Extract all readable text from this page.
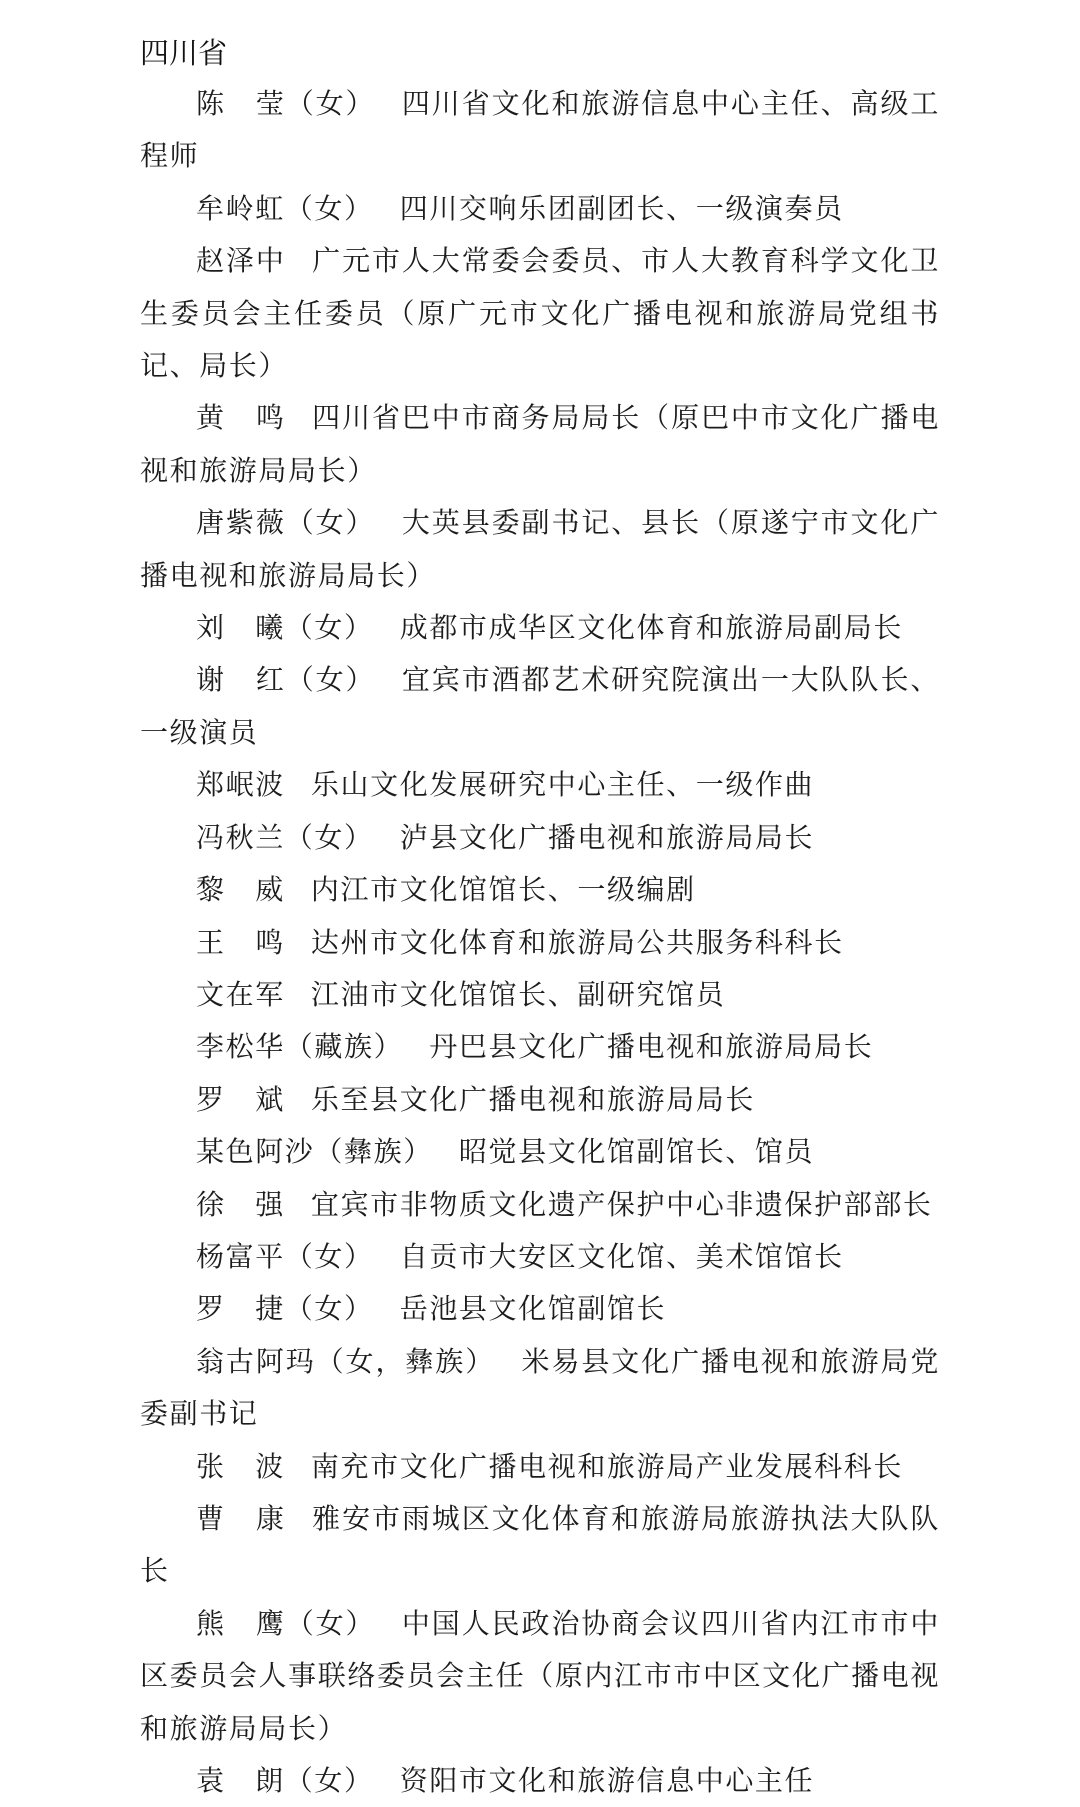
四川省

陈　莹（女）  四川省文化和旅游信息中心主任、高级工程师

牟岭虹（女）  四川交响乐团副团长、一级演奏员

赵泽中  广元市人大常委会委员、市人大教育科学文化卫生委员会主任委员（原广元市文化广播电视和旅游局党组书记、局长）

黄　鸣  四川省巴中市商务局局长（原巴中市文化广播电视和旅游局局长）

唐紫薇（女）  大英县委副书记、县长（原遂宁市文化广播电视和旅游局局长）

刘　曦（女）  成都市成华区文化体育和旅游局副局长

谢　红（女）  宜宾市酒都艺术研究院演出一大队队长、一级演员

郑岷波  乐山文化发展研究中心主任、一级作曲

冯秋兰（女）  泸县文化广播电视和旅游局局长

黎　威  内江市文化馆馆长、一级编剧

王　鸣  达州市文化体育和旅游局公共服务科科长

文在军  江油市文化馆馆长、副研究馆员

李松华（藏族）  丹巴县文化广播电视和旅游局局长

罗　斌  乐至县文化广播电视和旅游局局长

某色阿沙（彝族）  昭觉县文化馆副馆长、馆员

徐　强  宜宾市非物质文化遗产保护中心非遗保护部部长

杨富平（女）  自贡市大安区文化馆、美术馆馆长

罗　捷（女）  岳池县文化馆副馆长

翁古阿玛（女，彝族）  米易县文化广播电视和旅游局党委副书记

张　波  南充市文化广播电视和旅游局产业发展科科长

曹　康  雅安市雨城区文化体育和旅游局旅游执法大队队长

熊　鹰（女）  中国人民政治协商会议四川省内江市市中区委员会人事联络委员会主任（原内江市市中区文化广播电视和旅游局局长）

袁　朗（女）  资阳市文化和旅游信息中心主任
